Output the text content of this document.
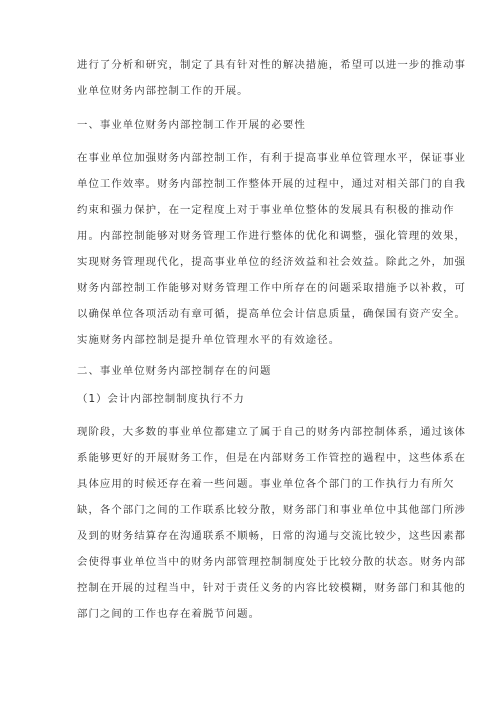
进行了分析和研究，制定了具有针对性的解决措施，希望可以进一步的推动事
业单位财务内部控制工作的开展。
一、事业单位财务内部控制工作开展的必要性
在事业单位加强财务内部控制工作，有利于提高事业单位管理水平，保证事业
单位工作效率。财务内部控制工作整体开展的过程中，通过对相关部门的自我
约束和强力保护，在一定程度上对于事业单位整体的发展具有积极的推动作
用。内部控制能够对财务管理工作进行整体的优化和调整，强化管理的效果，
实现财务管理现代化，提高事业单位的经济效益和社会效益。除此之外，加强
财务内部控制工作能够对财务管理工作中所存在的问题采取措施予以补救，可
以确保单位各项活动有章可循，提高单位会计信息质量，确保国有资产安全。
实施财务内部控制是提升单位管理水平的有效途径。
二、事业单位财务内部控制存在的问题
（1）会计内部控制制度执行不力
现阶段，大多数的事业单位都建立了属于自己的财务内部控制体系，通过该体
系能够更好的开展财务工作，但是在内部财务工作管控的過程中，这些体系在
具体应用的时候还存在着一些问题。事业单位各个部门的工作执行力有所欠
缺，各个部门之间的工作联系比较分散，财务部门和事业单位中其他部门所涉
及到的财务结算存在沟通联系不顺畅，日常的沟通与交流比较少，这些因素都
会使得事业单位当中的财务内部管理控制制度处于比较分散的状态。财务内部
控制在开展的过程当中，针对于责任义务的内容比较模糊，财务部门和其他的
部门之间的工作也存在着脱节问题。
